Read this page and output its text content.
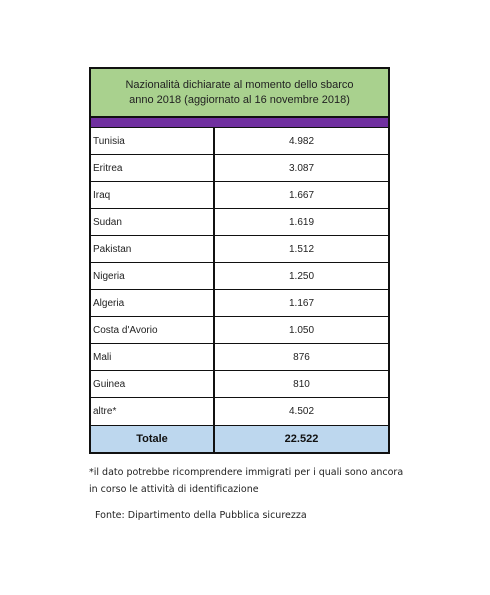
Nazionalità dichiarate al momento dello sbarco
anno 2018 (aggiornato al 16 novembre 2018)
Tunisia	4.982
Eritrea	3.087
Iraq	1.667
Sudan	1.619
Pakistan	1.512
Nigeria	1.250
Algeria	1.167
Costa d'Avorio	1.050
Mali	876
Guinea	810
altre*	4.502
Totale	22.522
*il dato potrebbe ricomprendere immigrati per i quali sono ancora
in corso le attività di identificazione
Fonte: Dipartimento della Pubblica sicurezza
